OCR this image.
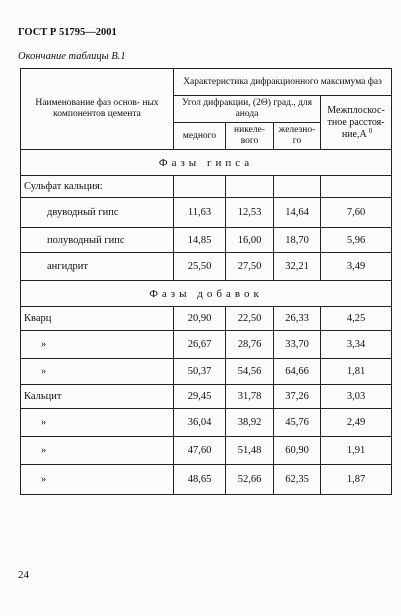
ГОСТ Р 51795—2001
Окончание таблицы В.1
Наименование фаз основ- ных компонентов цемента	Характеристика дифракционного максимума фаз			
	Угол дифракции, (2Θ) град., для анода			Межплоскос-
тное расстоя-
ние,А $^0$
	медного	никеле- вого	железно- го	
Фазы гипса				
Сульфат кальция:				
двуводный гипс	11,63	12,53	14,64	7,60
полуводный гипс	14,85	16,00	18,70	5,96
ангидрит	25,50	27,50	32,21	3,49
Фазы добавок				
Кварц	20,90	22,50	26,33	4,25
»	26,67	28,76	33,70	3,34
»	50,37	54,56	64,66	1,81
Кальцит	29,45	31,78	37,26	3,03
»	36,04	38,92	45,76	2,49
»	47,60	51,48	60,90	1,91
»	48,65	52,66	62,35	1,87
24
